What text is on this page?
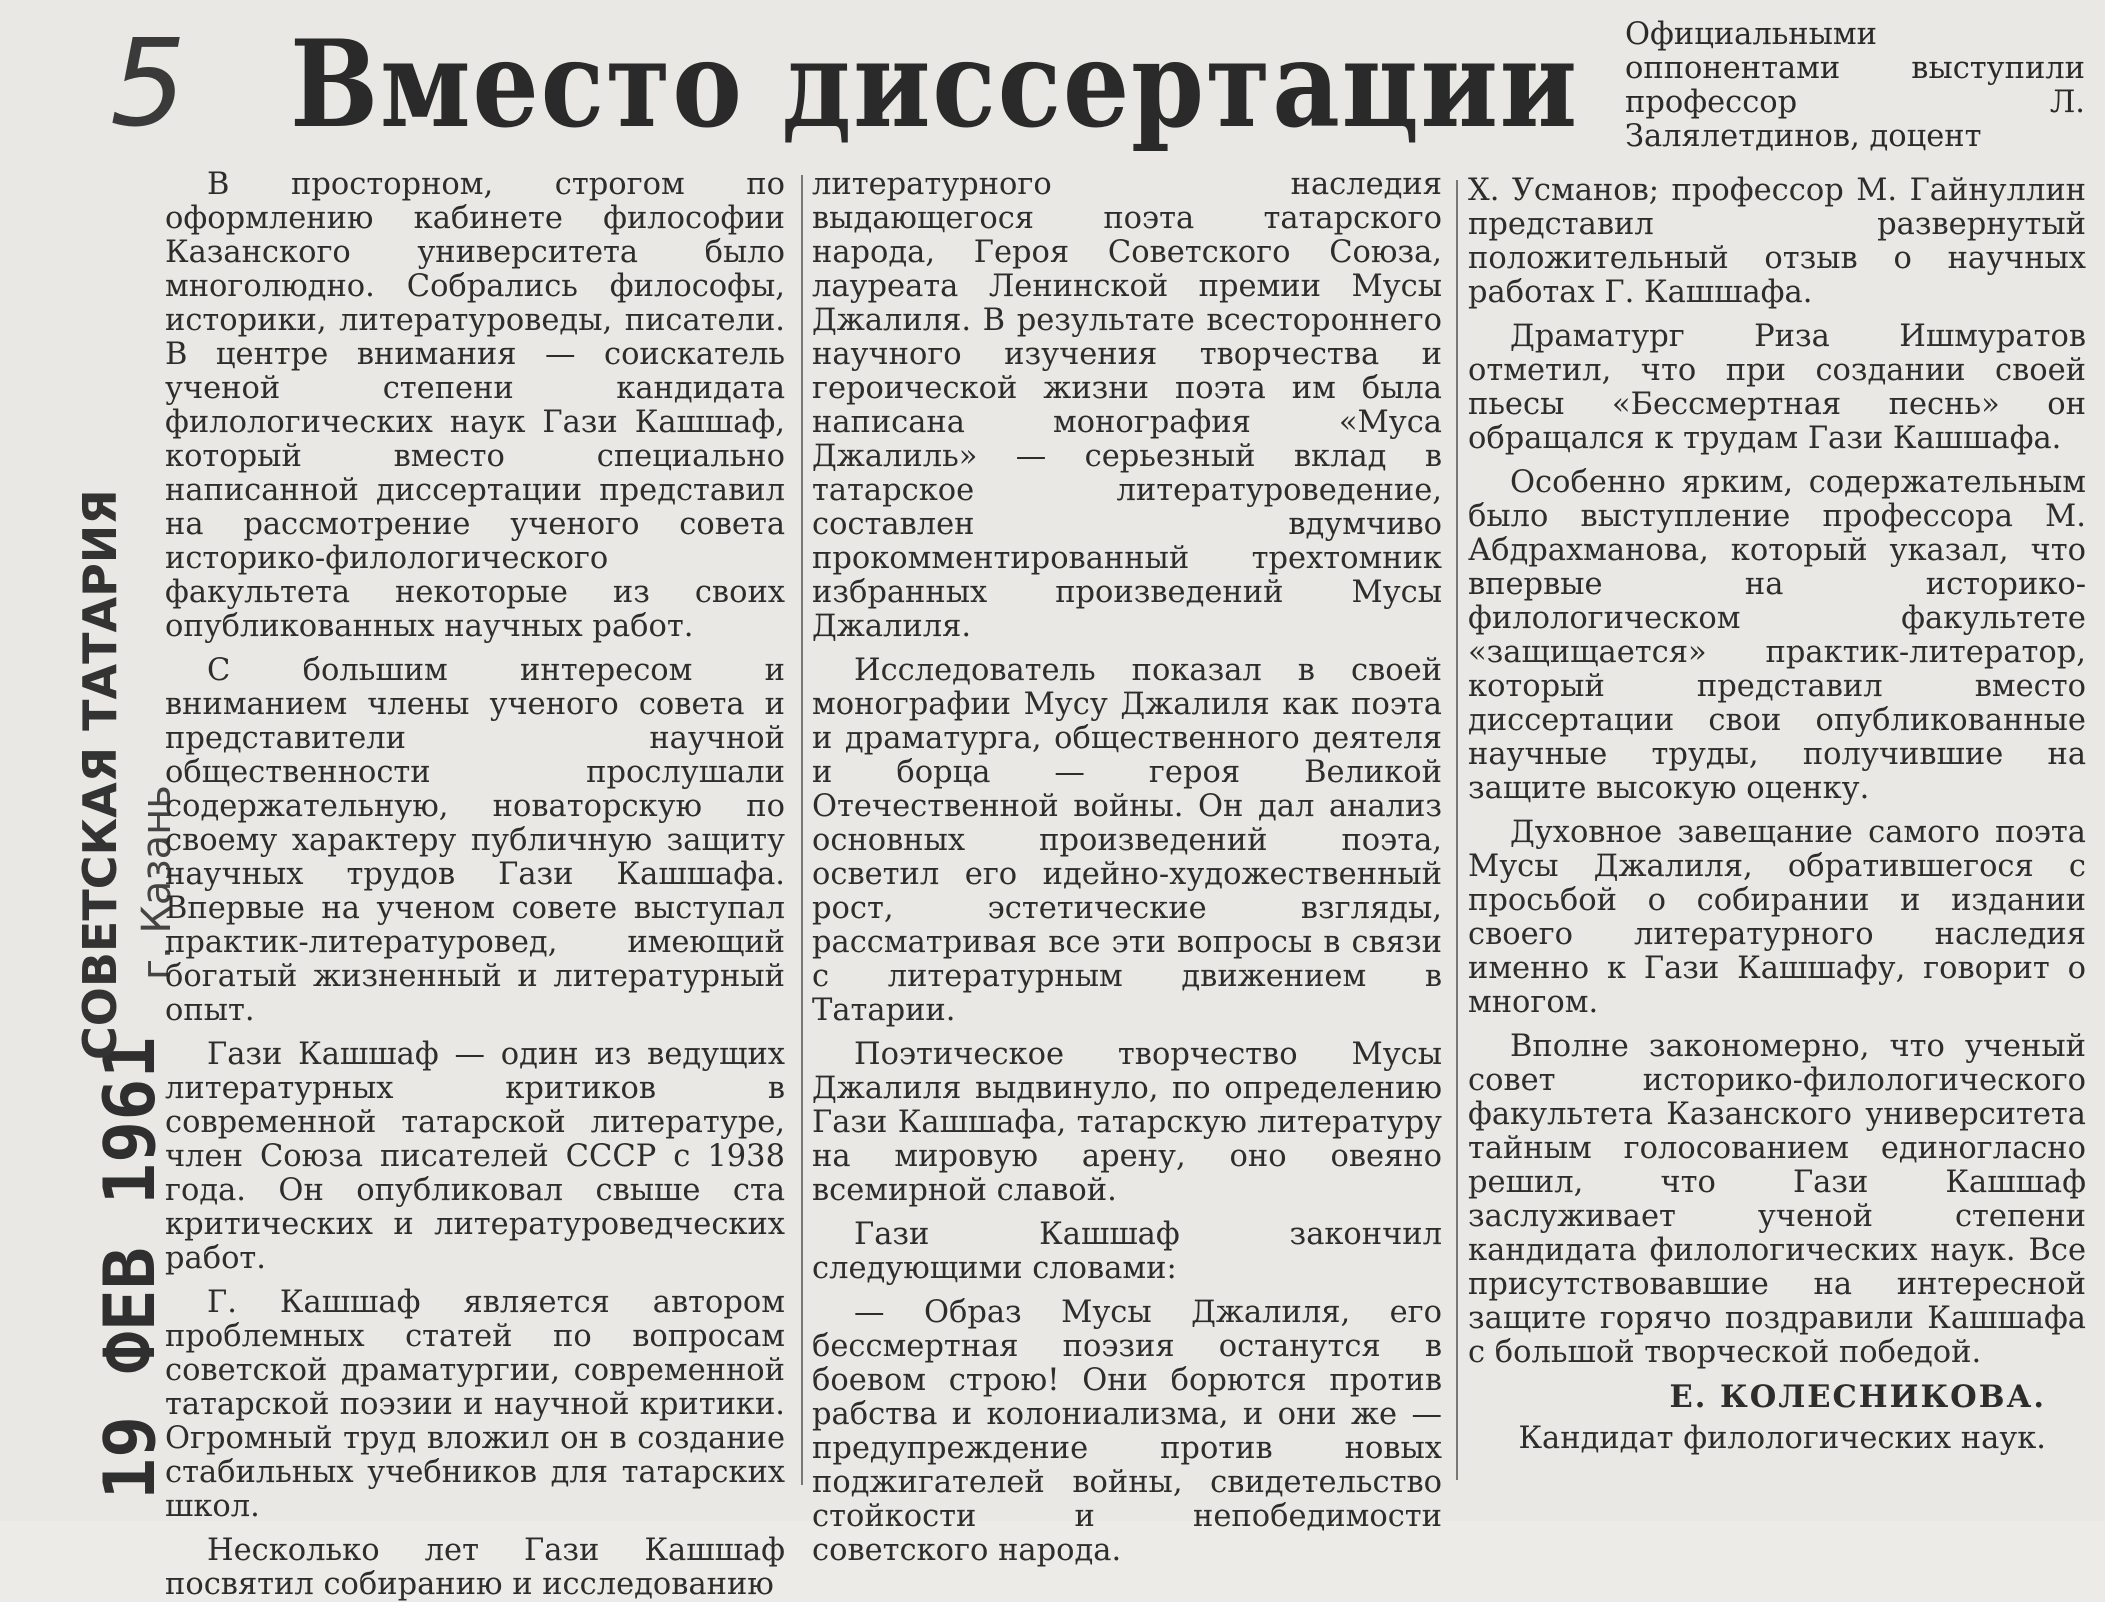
5 Вместо диссертации
19 ФЕВ 1961
СОВЕТСКАЯ ТАТАРИЯ г. Казань
Официальными оппонентами выступили профессор Л. Залялетдинов, доцент

В просторном, строгом по оформлению кабинете философии Казанского университета было многолюдно. Собрались философы, историки, литературоведы, писатели. В центре внимания — соискатель ученой степени кандидата филологических наук Гази Кашшаф, который вместо специально написанной диссертации представил на рассмотрение ученого совета историко-филологического факультета некоторые из своих опубликованных научных работ.

С большим интересом и вниманием члены ученого совета и представители научной общественности прослушали содержательную, новаторскую по своему характеру публичную защиту научных трудов Гази Кашшафа. Впервые на ученом совете выступал практик-литературовед, имеющий богатый жизненный и литературный опыт.

Гази Кашшаф — один из ведущих литературных критиков в современной татарской литературе, член Союза писателей СССР с 1938 года. Он опубликовал свыше ста критических и литературоведческих работ.

Г. Кашшаф является автором проблемных статей по вопросам советской драматургии, современной татарской поэзии и научной критики. Огромный труд вложил он в создание стабильных учебников для татарских школ.

Несколько лет Гази Кашшаф посвятил собиранию и исследованию

литературного наследия выдающегося поэта татарского народа, Героя Советского Союза, лауреата Ленинской премии Мусы Джалиля. В результате всестороннего научного изучения творчества и героической жизни поэта им была написана монография «Муса Джалиль» — серьезный вклад в татарское литературоведение, составлен вдумчиво прокомментированный трехтомник избранных произведений Мусы Джалиля.

Исследователь показал в своей монографии Мусу Джалиля как поэта и драматурга, общественного деятеля и борца — героя Великой Отечественной войны. Он дал анализ основных произведений поэта, осветил его идейно-художественный рост, эстетические взгляды, рассматривая все эти вопросы в связи с литературным движением в Татарии.

Поэтическое творчество Мусы Джалиля выдвинуло, по определению Гази Кашшафа, татарскую литературу на мировую арену, оно овеяно всемирной славой.

Гази Кашшаф закончил следующими словами:

— Образ Мусы Джалиля, его бессмертная поэзия останутся в боевом строю! Они борются против рабства и колониализма, и они же — предупреждение против новых поджигателей войны, свидетельство стойкости и непобедимости советского народа.

Х. Усманов; профессор М. Гайнуллин представил развернутый положительный отзыв о научных работах Г. Кашшафа.

Драматург Риза Ишмуратов отметил, что при создании своей пьесы «Бессмертная песнь» он обращался к трудам Гази Кашшафа.

Особенно ярким, содержательным было выступление профессора М. Абдрахманова, который указал, что впервые на историко-филологическом факультете «защищается» практик-литератор, который представил вместо диссертации свои опубликованные научные труды, получившие на защите высокую оценку.

Духовное завещание самого поэта Мусы Джалиля, обратившегося с просьбой о собирании и издании своего литературного наследия именно к Гази Кашшафу, говорит о многом.

Вполне закономерно, что ученый совет историко-филологического факультета Казанского университета тайным голосованием единогласно решил, что Гази Кашшаф заслуживает ученой степени кандидата филологических наук. Все присутствовавшие на интересной защите горячо поздравили Кашшафа с большой творческой победой.

Е. КОЛЕСНИКОВА.

Кандидат филологических наук.
